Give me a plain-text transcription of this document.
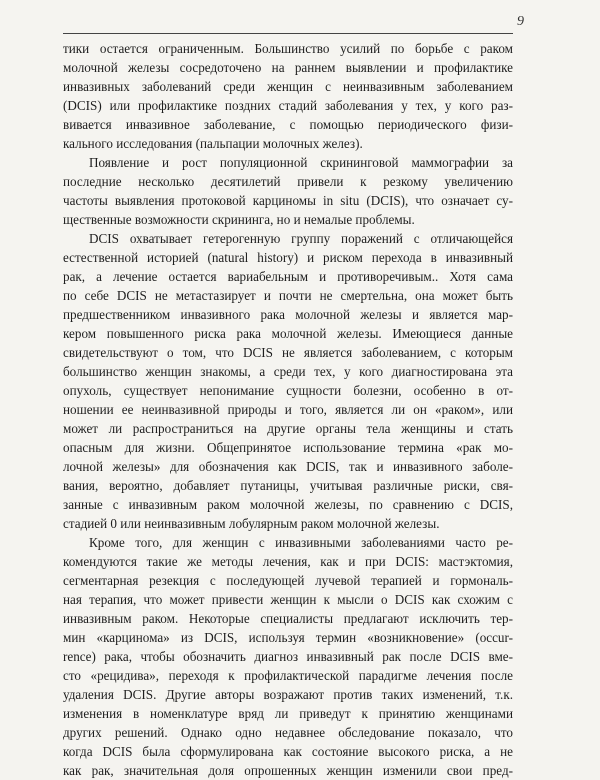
9
тики остается ограниченным. Большинство усилий по борьбе с раком
молочной железы сосредоточено на раннем выявлении и профилактике
инвазивных заболеваний среди женщин с неинвазивным заболеванием
(DCIS) или профилактике поздних стадий заболевания у тех, у кого раз-
вивается инвазивное заболевание, с помощью периодического физи-
кального исследования (пальпации молочных желез).
Появление и рост популяционной скрининговой маммографии за
последние несколько десятилетий привели к резкому увеличению
частоты выявления протоковой карциномы in situ (DCIS), что означает су-
щественные возможности скрининга, но и немалые проблемы.
DCIS охватывает гетерогенную группу поражений с отличающейся
естественной историей (natural history) и риском перехода в инвазивный
рак, а лечение остается вариабельным и противоречивым.. Хотя сама
по себе DCIS не метастазирует и почти не смертельна, она может быть
предшественником инвазивного рака молочной железы и является мар-
кером повышенного риска рака молочной железы. Имеющиеся данные
свидетельствуют о том, что DCIS не является заболеванием, с которым
большинство женщин знакомы, а среди тех, у кого диагностирована эта
опухоль, существует непонимание сущности болезни, особенно в от-
ношении ее неинвазивной природы и того, является ли он «раком», или
может ли распространиться на другие органы тела женщины и стать
опасным для жизни. Общепринятое использование термина «рак мо-
лочной железы» для обозначения как DCIS, так и инвазивного заболе-
вания, вероятно, добавляет путаницы, учитывая различные риски, свя-
занные с инвазивным раком молочной железы, по сравнению с DCIS,
стадией 0 или неинвазивным лобулярным раком молочной железы.
Кроме того, для женщин с инвазивными заболеваниями часто ре-
комендуются такие же методы лечения, как и при DCIS: мастэктомия,
сегментарная резекция с последующей лучевой терапией и гормональ-
ная терапия, что может привести женщин к мысли о DCIS как схожим с
инвазивным раком. Некоторые специалисты предлагают исключить тер-
мин «карцинома» из DCIS, используя термин «возникновение» (occur-
rence) рака, чтобы обозначить диагноз инвазивный рак после DCIS вме-
сто «рецидива», переходя к профилактической парадигме лечения после
удаления DCIS. Другие авторы возражают против таких изменений, т.к.
изменения в номенклатуре вряд ли приведут к принятию женщинами
других решений. Однако одно недавнее обследование показало, что
когда DCIS была сформулирована как состояние высокого риска, а не
как рак, значительная доля опрошенных женщин изменили свои пред-
